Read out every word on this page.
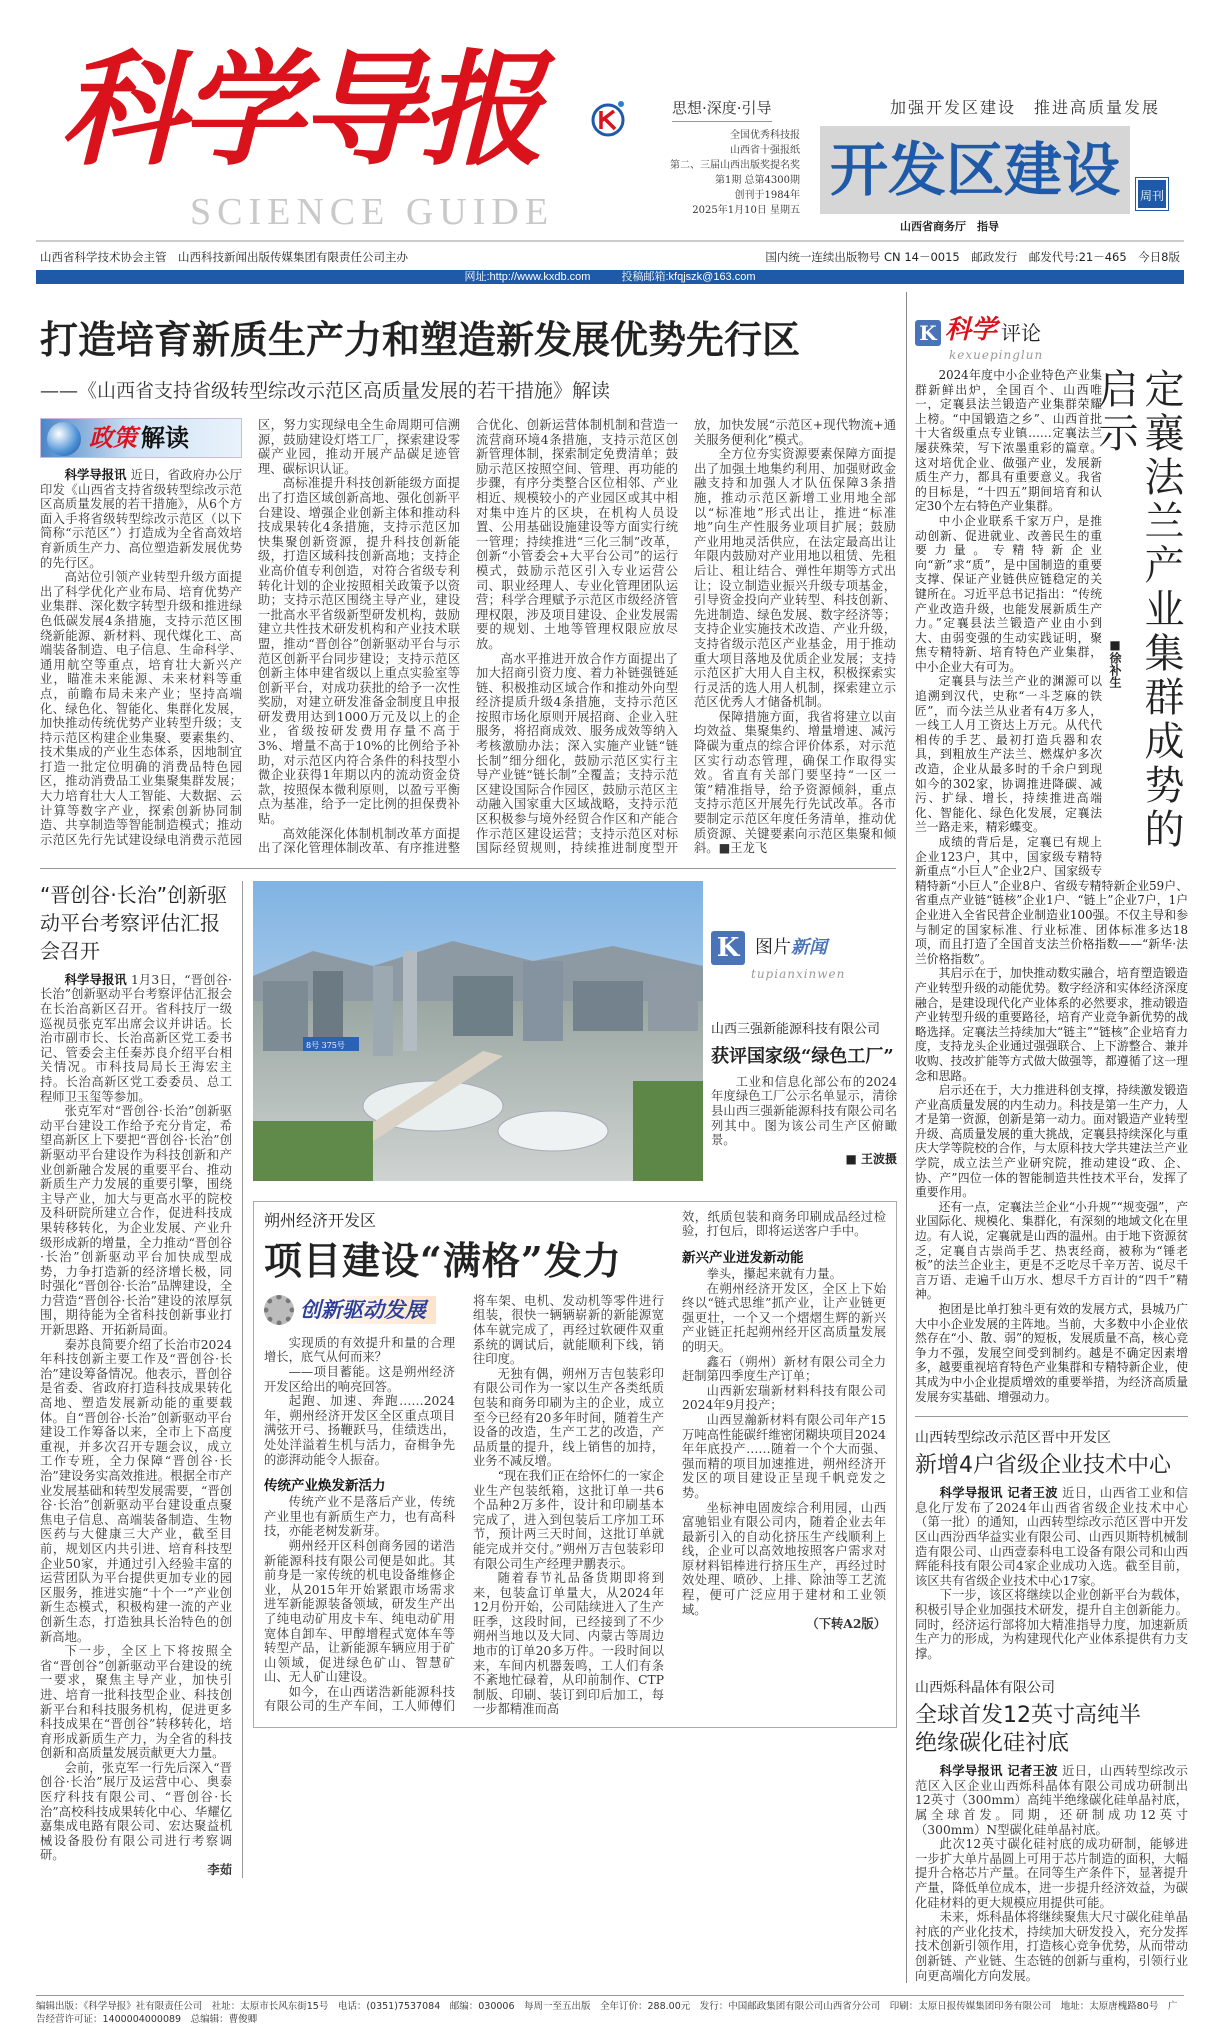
科学导报
SCIENCE GUIDE
思想·深度·引导
全国优秀科技报
山西省十强报纸
第二、三届山西出版奖提名奖
第1期 总第4300期
创刊于1984年
2025年1月10日 星期五
加强开发区建设　推进高质量发展
开发区建设	周刊
山西省商务厅　指导
山西省科学技术协会主管　山西科技新闻出版传媒集团有限责任公司主办	国内统一连续出版物号 CN 14－0015　邮政发行　邮发代号:21－465　今日8版
网址:http://www.kxdb.com	投稿邮箱:kfqjszk@163.com
打造培育新质生产力和塑造新发展优势先行区
——《山西省支持省级转型综改示范区高质量发展的若干措施》解读
政策 解读

科学导报讯 近日，省政府办公厅印发《山西省支持省级转型综改示范区高质量发展的若干措施》，从6个方面入手将省级转型综改示范区（以下简称“示范区”）打造成为全省高效培育新质生产力、高位塑造新发展优势的先行区。

高站位引领产业转型升级方面提出了科学优化产业布局、培育优势产业集群、深化数字转型升级和推进绿色低碳发展4条措施，支持示范区围绕新能源、新材料、现代煤化工、高端装备制造、电子信息、生命科学、通用航空等重点，培育壮大新兴产业，瞄准未来能源、未来材料等重点，前瞻布局未来产业；坚持高端化、绿色化、智能化、集群化发展，加快推动传统优势产业转型升级；支持示范区构建企业集聚、要素集约、技术集成的产业生态体系，因地制宜打造一批定位明确的消费品特色园区，推动消费品工业集聚集群发展；大力培育壮大人工智能、大数据、云计算等数字产业，探索创新协同制造、共享制造等智能制造模式；推动示范区先行先试建设绿电消费示范园区，努力实现绿电全生命周期可信溯源，鼓励建设灯塔工厂，探索建设零碳产业园，推动开展产品碳足迹管理、碳标识认证。

高标准提升科技创新能级方面提出了打造区域创新高地、强化创新平台建设、增强企业创新主体和推动科技成果转化4条措施，支持示范区加快集聚创新资源，提升科技创新能级，打造区域科技创新高地；支持企业高价值专利创造，对符合省级专利转化计划的企业按照相关政策予以资助；支持示范区围绕主导产业，建设一批高水平省级新型研发机构，鼓励建立共性技术研发机构和产业技术联盟，推动“晋创谷”创新驱动平台与示范区创新平台同步建设；支持示范区创新主体申建省级以上重点实验室等创新平台，对成功获批的给予一次性奖励，对建立研发准备金制度且申报研发费用达到1000万元及以上的企业，省级按研发费用存量不高于3%、增量不高于10%的比例给予补助，对示范区内符合条件的科技型小微企业获得1年期以内的流动资金贷款，按照保本微利原则，以盈亏平衡点为基准，给予一定比例的担保费补贴。

高效能深化体制机制改革方面提出了深化管理体制改革、有序推进整合优化、创新运营体制机制和营造一流营商环境4条措施，支持示范区创新管理体制，探索制定免费清单；鼓励示范区按照空间、管理、再功能的步骤，有序分类整合区位相邻、产业相近、规模较小的产业园区或其中相对集中连片的区块，在机构人员设置、公用基础设施建设等方面实行统一管理；持续推进“三化三制”改革，创新“小管委会+大平台公司”的运行模式，鼓励示范区引入专业运营公司、职业经理人、专业化管理团队运营；科学合理赋予示范区市级经济管理权限，涉及项目建设、企业发展需要的规划、土地等管理权限应放尽放。

高水平推进开放合作方面提出了加大招商引资力度、着力补链强链延链、积极推动区域合作和推动外向型经济提质升级4条措施，支持示范区按照市场化原则开展招商、企业入驻服务，将招商成效、服务成效等纳入考核激励办法；深入实施产业链“链长制”细分细化，鼓励示范区实行主导产业链“链长制”全覆盖；支持示范区建设国际合作园区，鼓励示范区主动融入国家重大区域战略，支持示范区积极参与境外经贸合作区和产能合作示范区建设运营；支持示范区对标国际经贸规则，持续推进制度型开放，加快发展“示范区+现代物流+通关服务便利化”模式。

全方位夯实资源要素保障方面提出了加强土地集约利用、加强财政金融支持和加强人才队伍保障3条措施，推动示范区新增工业用地全部以“标准地”形式出让，推进“标准地”向生产性服务业项目扩展；鼓励产业用地灵活供应，在法定最高出让年限内鼓励对产业用地以租赁、先租后让、租让结合、弹性年期等方式出让；设立制造业振兴升级专项基金，引导资金投向产业转型、科技创新、先进制造、绿色发展、数字经济等；支持企业实施技术改造、产业升级，支持省级示范区产业基金，用于推动重大项目落地及优质企业发展；支持示范区扩大用人自主权，积极探索实行灵活的选人用人机制，探索建立示范区优秀人才储备机制。

保障措施方面，我省将建立以亩均效益、集聚集约、增量增速、减污降碳为重点的综合评价体系，对示范区实行动态管理，确保工作取得实效。省直有关部门要坚持“一区一策”精准指导，给予资源倾斜，重点支持示范区开展先行先试改革。各市要制定示范区年度任务清单，推动优质资源、关键要素向示范区集聚和倾斜。■王龙飞

“晋创谷·长治”创新驱动平台考察评估汇报会召开

科学导报讯 1月3日，“晋创谷·长治”创新驱动平台考察评估汇报会在长治高新区召开。省科技厅一级巡视员张克军出席会议并讲话。长治市副市长、长治高新区党工委书记、管委会主任秦苏良介绍平台相关情况。市科技局局长王海宏主持。长治高新区党工委委员、总工程师卫玉玺等参加。

张克军对“晋创谷·长治”创新驱动平台建设工作给予充分肯定，希望高新区上下要把“晋创谷·长治”创新驱动平台建设作为科技创新和产业创新融合发展的重要平台、推动新质生产力发展的重要引擎，围绕主导产业，加大与更高水平的院校及科研院所建立合作，促进科技成果转移转化，为企业发展、产业升级形成新的增量，全力推动“晋创谷·长治”创新驱动平台加快成型成势，力争打造新的经济增长极，同时强化“晋创谷·长治”品牌建设，全力营造“晋创谷·长治”建设的浓厚氛围，期待能为全省科技创新事业打开新思路、开拓新局面。

秦苏良简要介绍了长治市2024年科技创新主要工作及“晋创谷·长治”建设筹备情况。他表示，晋创谷是省委、省政府打造科技成果转化高地、塑造发展新动能的重要载体。自“晋创谷·长治”创新驱动平台建设工作筹备以来，全市上下高度重视，并多次召开专题会议，成立工作专班，全力保障“晋创谷·长治”建设务实高效推进。根据全市产业发展基础和转型发展需要，“晋创谷·长治”创新驱动平台建设重点聚焦电子信息、高端装备制造、生物医药与大健康三大产业，截至目前，规划区内共引进、培育科技型企业50家，并通过引入经验丰富的运营团队为平台提供更加专业的园区服务，推进实施“十个一”产业创新生态模式，积极构建一流的产业创新生态，打造独具长治特色的创新高地。

下一步，全区上下将按照全省“晋创谷”创新驱动平台建设的统一要求，聚焦主导产业，加快引进、培育一批科技型企业、科技创新平台和科技服务机构，促进更多科技成果在“晋创谷”转移转化，培育形成新质生产力，为全省的科技创新和高质量发展贡献更大力量。

会前，张克军一行先后深入“晋创谷·长治”展厅及运营中心、奥泰医疗科技有限公司、“晋创谷·长治”高校科技成果转化中心、华耀亿嘉集成电路有限公司、宏达聚益机械设备股份有限公司进行考察调研。

李茹

8号 375号
K 图片 新闻
tupianxinwen
山西三强新能源科技有限公司
获评国家级“绿色工厂”
工业和信息化部公布的2024年度绿色工厂公示名单显示，清徐县山西三强新能源科技有限公司名列其中。图为该公司生产区俯瞰景。
■ 王波摄
朔州经济开发区
项目建设“满格”发力
创新驱动发展

实现质的有效提升和量的合理增长，底气从何而来？

——项目蓄能。这是朔州经济开发区给出的响亮回答。

起跑、加速、奔跑……2024年，朔州经济开发区全区重点项目满弦开弓、扬鞭跃马，佳绩迭出，处处洋溢着生机与活力，奋楫争先的澎湃动能令人振奋。

传统产业焕发新活力

传统产业不是落后产业，传统产业里也有新质生产力，也有高科技，亦能老树发新芽。

朔州经开区科创商务园的诺浩新能源科技有限公司便是如此。其前身是一家传统的机电设备维修企业，从2015年开始紧跟市场需求进军新能源装备领域，研发生产出了纯电动矿用皮卡车、纯电动矿用宽体自卸车、甲醇增程式宽体车等转型产品，让新能源车辆应用于矿山领域，促进绿色矿山、智慧矿山、无人矿山建设。

如今，在山西诺浩新能源科技有限公司的生产车间，工人师傅们将车架、电机、发动机等零件进行组装，很快一辆辆崭新的新能源宽体车就完成了，再经过软硬件双重系统的调试后，就能顺利下线，销往印度。

无独有偶，朔州万吉包装彩印有限公司作为一家以生产各类纸质包装和商务印刷为主的企业，成立至今已经有20多年时间，随着生产设备的改造，生产工艺的改造，产品质量的提升，线上销售的加持，业务不减反增。

“现在我们正在给怀仁的一家企业生产包装纸箱，这批订单一共6个品种2万多件，设计和印刷基本完成了，进入到包装后工序加工环节，预计两三天时间，这批订单就能完成并交付。”朔州万吉包装彩印有限公司生产经理尹鹏表示。

随着春节礼品备货期即将到来，包装盒订单量大，从2024年12月份开始，公司陆续进入了生产旺季，这段时间，已经接到了不少朔州当地以及大同、内蒙古等周边地市的订单20多万件。一段时间以来，车间内机器轰鸣，工人们有条不紊地忙碌着，从印前制作、CTP制版、印刷、装订到印后加工，每一步都精准而高

效，纸质包装和商务印刷成品经过检验，打包后，即将运送客户手中。

新兴产业迸发新动能

拳头，攥起来就有力量。

在朔州经济开发区，全区上下始终以“链式思维”抓产业，让产业链更强更壮，一个又一个熠熠生辉的新兴产业链正托起朔州经开区高质量发展的明天。

鑫石（朔州）新材有限公司全力赶制第四季度生产订单；

山西新宏瑞新材料科技有限公司2024年9月投产；

山西昱瀚新材料有限公司年产15万吨高性能碳纤维密闭糊块项目2024年年底投产……随着一个个大而强、强而精的项目加速推进，朔州经济开发区的项目建设正呈现千帆竞发之势。

坐标神电固废综合利用园，山西富驰铝业有限公司内，随着企业去年最新引入的自动化挤压生产线顺利上线，企业可以高效地按照客户需求对原材料铝棒进行挤压生产，再经过时效处理、喷砂、上排、除油等工艺流程，便可广泛应用于建材和工业领域。

（下转A2版）

K 科学 评论
kexuepinglun
定襄法兰产业集群成势的启示
■徐补生

2024年度中小企业特色产业集群新鲜出炉，全国百个、山西唯一，定襄县法兰锻造产业集群荣耀上榜。“中国锻造之乡”、山西首批十大省级重点专业镇……定襄法兰屡获殊荣，写下浓墨重彩的篇章。这对培优企业、做强产业，发展新质生产力，都具有重要意义。我省的目标是，“十四五”期间培育和认定30个左右特色产业集群。

中小企业联系千家万户，是推动创新、促进就业、改善民生的重要力量。专精特新企业向“新”求“质”，是中国制造的重要支撑、保证产业链供应链稳定的关键所在。习近平总书记指出：“传统产业改造升级，也能发展新质生产力。”定襄县法兰锻造产业由小到大、由弱变强的生动实践证明，聚焦专精特新、培育特色产业集群，中小企业大有可为。

定襄县与法兰产业的渊源可以追溯到汉代，史称“一斗芝麻的铁匠”，而今法兰从业者有4万多人，一线工人月工资达上万元。从代代相传的手艺、最初打造兵器和农具，到粗放生产法兰、燃煤炉多次改造，企业从最多时的千余户到现如今的302家，协调推进降碳、减污、扩绿、增长，持续推进高端化、智能化、绿色化发展，定襄法兰一路走来，精彩蝶变。

成绩的背后是，定襄已有规上企业123户，其中，国家级专精特新重点“小巨人”企业2户、国家级专精特新“小巨人”企业8户、省级专精特新企业59户、省重点产业链“链核”企业1户、“链上”企业7户，1户企业进入全省民营企业制造业100强。不仅主导和参与制定的国家标准、行业标准、团体标准多达18项，而且打造了全国首支法兰价格指数——“新华·法兰价格指数”。

其启示在于，加快推动数实融合，培育塑造锻造产业转型升级的动能优势。数字经济和实体经济深度融合，是建设现代化产业体系的必然要求，推动锻造产业转型升级的重要路径，培育产业竞争新优势的战略选择。定襄法兰持续加大“链主”“链核”企业培育力度，支持龙头企业通过强强联合、上下游整合、兼并收购、技改扩能等方式做大做强等，都遵循了这一理念和思路。

启示还在于，大力推进科创支撑，持续激发锻造产业高质量发展的内生动力。科技是第一生产力，人才是第一资源，创新是第一动力。面对锻造产业转型升级、高质量发展的重大挑战，定襄县持续深化与重庆大学等院校的合作，与太原科技大学共建法兰产业学院，成立法兰产业研究院，推动建设“政、企、协、产”四位一体的智能制造共性技术平台，发挥了重要作用。

还有一点，定襄法兰企业“小升规”“规变强”，产业国际化、规模化、集群化，有深刻的地域文化在里边。有人说，定襄就是山西的温州。由于地下资源贫乏，定襄自古崇尚手艺、热衷经商，被称为“锤老板”的法兰企业主，更是不乏吃尽千辛万苦、说尽千言万语、走遍千山万水、想尽千方百计的“四千”精神。

抱团是比单打独斗更有效的发展方式，县城乃广大中小企业发展的主阵地。当前，大多数中小企业依然存在“小、散、弱”的短板，发展质量不高，核心竞争力不强，发展空间受到制约。越是不确定因素增多，越要重视培育特色产业集群和专精特新企业，使其成为中小企业提质增效的重要举措，为经济高质量发展夯实基础、增强动力。

山西转型综改示范区晋中开发区
新增4户省级企业技术中心

科学导报讯 记者王波 近日，山西省工业和信息化厅发布了2024年山西省省级企业技术中心（第一批）的通知，山西转型综改示范区晋中开发区山西汾西华益实业有限公司、山西贝斯特机械制造有限公司、山西壹泰科电工设备有限公司和山西辉能科技有限公司4家企业成功入选。截至目前，该区共有省级企业技术中心17家。

下一步，该区将继续以企业创新平台为载体，积极引导企业加强技术研发，提升自主创新能力。同时，经济运行部将加大精准指导力度，加速新质生产力的形成，为构建现代化产业体系提供有力支撑。

山西烁科晶体有限公司
全球首发12英寸高纯半绝缘碳化硅衬底

科学导报讯 记者王波 近日，山西转型综改示范区入区企业山西烁科晶体有限公司成功研制出12英寸（300mm）高纯半绝缘碳化硅单晶衬底，属全球首发。同期，还研制成功12英寸（300mm）N型碳化硅单晶衬底。

此次12英寸碳化硅衬底的成功研制，能够进一步扩大单片晶圆上可用于芯片制造的面积，大幅提升合格芯片产量。在同等生产条件下，显著提升产量，降低单位成本，进一步提升经济效益，为碳化硅材料的更大规模应用提供可能。

未来，烁科晶体将继续聚焦大尺寸碳化硅单晶衬底的产业化技术，持续加大研发投入，充分发挥技术创新引领作用，打造核心竞争优势，从而带动创新链、产业链、生态链的创新与重构，引领行业向更高端化方向发展。

编辑出版：《科学导报》社有限责任公司　社址：太原市长风东街15号　电话：(0351)7537084　邮编：030006　每周一至五出版　全年订价：288.00元　发行：中国邮政集团有限公司山西省分公司　印刷：太原日报传媒集团印务有限公司　地址：太原唐槐路80号　广告经营许可证：1400004000089　总编辑：曹俊卿
